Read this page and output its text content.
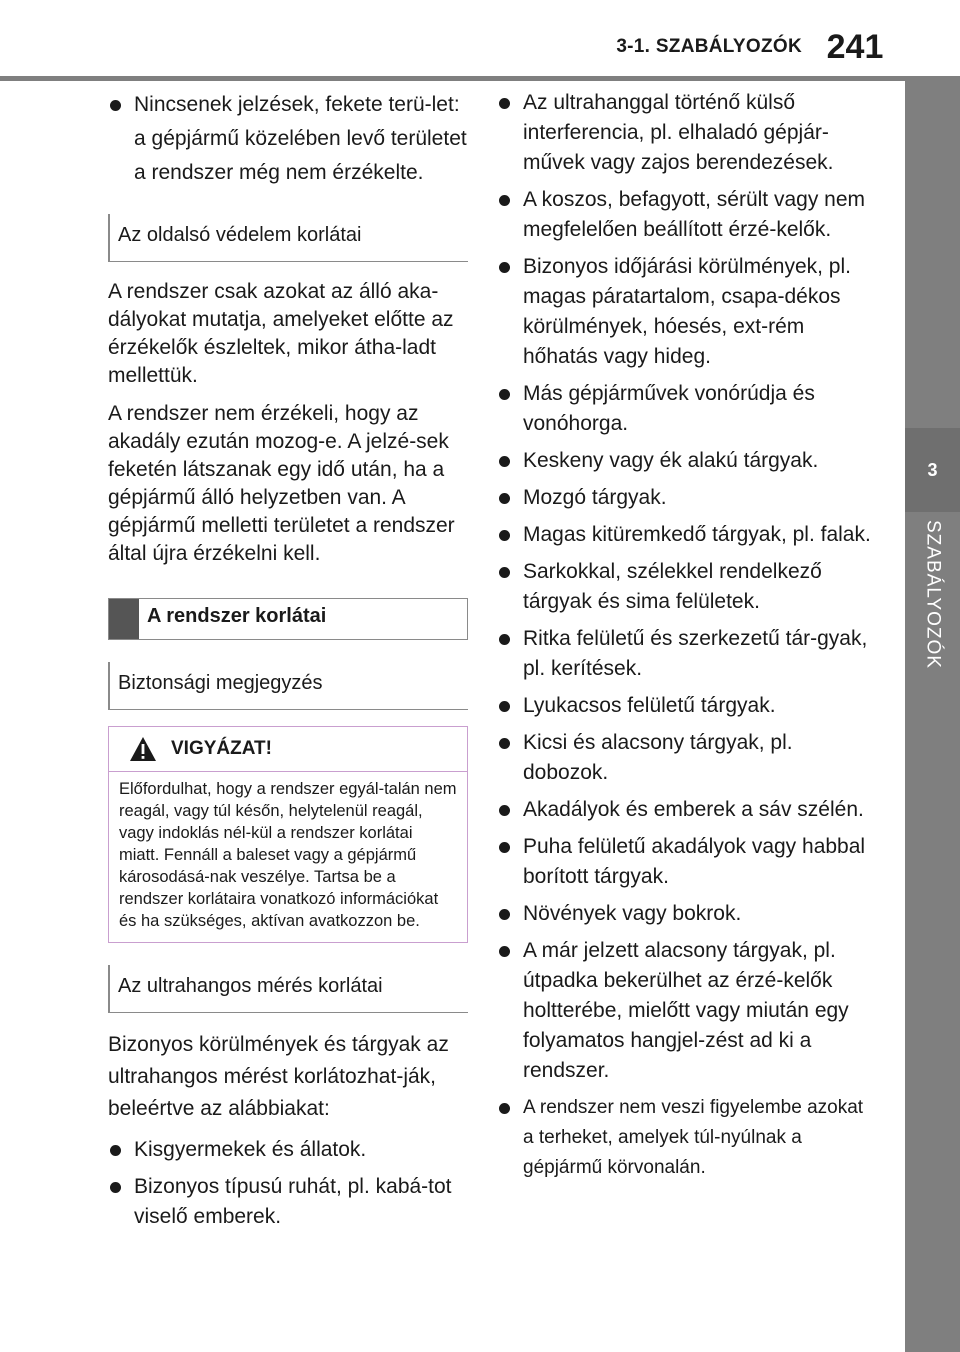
3-1. SZABÁLYOZÓK 241
3
SZABÁLYOZÓK
Nincsenek jelzések, fekete terü-let: a gépjármű közelében levő területet a rendszer még nem érzékelte.
Az oldalsó védelem korlátai

A rendszer csak azokat az álló aka-dályokat mutatja, amelyeket előtte az érzékelők észleltek, mikor átha-ladt mellettük.

A rendszer nem érzékeli, hogy az akadály ezután mozog-e. A jelzé-sek feketén látszanak egy idő után, ha a gépjármű álló helyzetben van. A gépjármű melletti területet a rendszer által újra érzékelni kell.

A rendszer korlátai
Biztonsági megjegyzés
VIGYÁZAT!
Előfordulhat, hogy a rendszer egyál-talán nem reagál, vagy túl későn, helytelenül reagál, vagy indoklás nél-kül a rendszer korlátai miatt. Fennáll a baleset vagy a gépjármű károsodásá-nak veszélye. Tartsa be a rendszer korlátaira vonatkozó információkat és ha szükséges, aktívan avatkozzon be.
Az ultrahangos mérés korlátai

Bizonyos körülmények és tárgyak az ultrahangos mérést korlátozhat-ják, beleértve az alábbiakat:

Kisgyermekek és állatok.
Bizonyos típusú ruhát, pl. kabá-tot viselő emberek.
Az ultrahanggal történő külső interferencia, pl. elhaladó gépjár-művek vagy zajos berendezések.
A koszos, befagyott, sérült vagy nem megfelelően beállított érzé-kelők.
Bizonyos időjárási körülmények, pl. magas páratartalom, csapa-dékos körülmények, hóesés, ext-rém hőhatás vagy hideg.
Más gépjárművek vonórúdja és vonóhorga.
Keskeny vagy ék alakú tárgyak.
Mozgó tárgyak.
Magas kitüremkedő tárgyak, pl. falak.
Sarkokkal, szélekkel rendelkező tárgyak és sima felületek.
Ritka felületű és szerkezetű tár-gyak, pl. kerítések.
Lyukacsos felületű tárgyak.
Kicsi és alacsony tárgyak, pl. dobozok.
Akadályok és emberek a sáv szélén.
Puha felületű akadályok vagy habbal borított tárgyak.
Növények vagy bokrok.
A már jelzett alacsony tárgyak, pl. útpadka bekerülhet az érzé-kelők holtterébe, mielőtt vagy miután egy folyamatos hangjel-zést ad ki a rendszer.
A rendszer nem veszi figyelembe azokat a terheket, amelyek túl-nyúlnak a gépjármű körvonalán.
